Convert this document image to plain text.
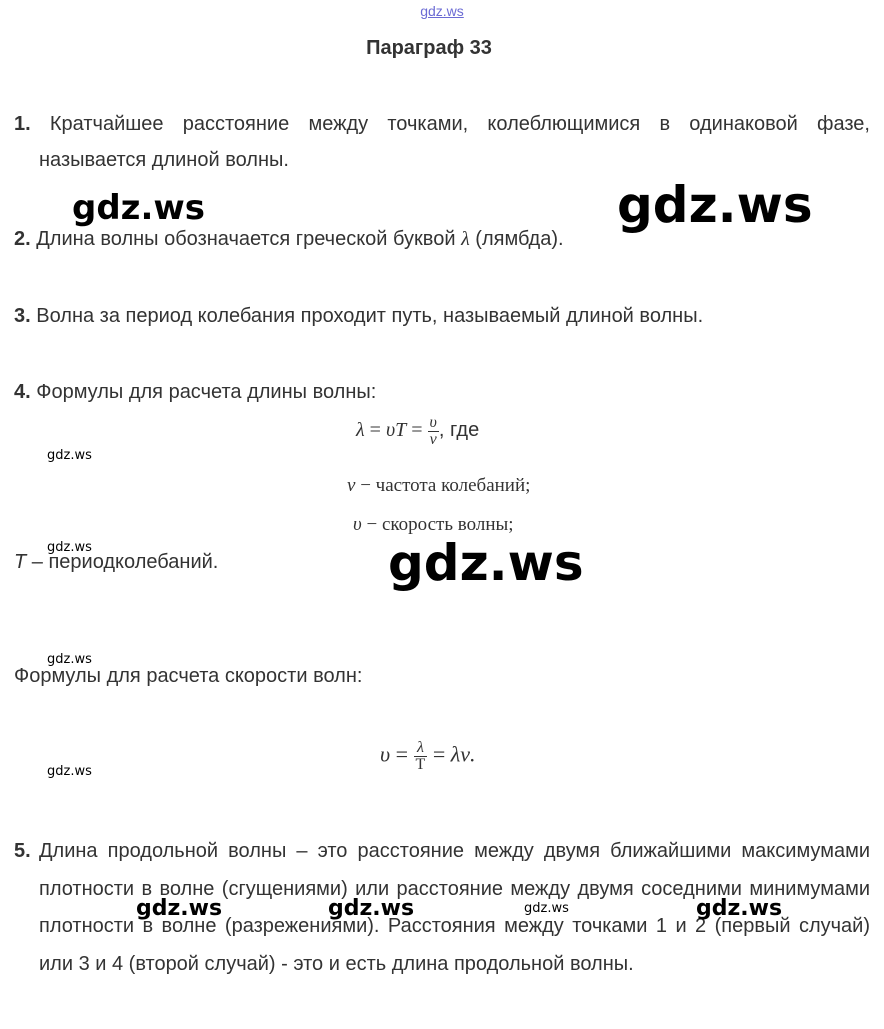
gdz.ws
Параграф 33
1. Кратчайшее расстояние между точками, колеблющимися в одинаковой фазе,
называется длиной волны.
2. Длина волны обозначается греческой буквой λ (лямбда).
3. Волна за период колебания проходит путь, называемый длиной волны.
4. Формулы для расчета длины волны:
$\lambda = \upsilon T = \frac{\upsilon}{\nu}$ , где
ν − частота колебаний;
υ − скорость волны;
T – периодколебаний.
Формулы для расчета скорости волн:
$\upsilon = \frac{\lambda}{T} = \lambda\nu$.
5. Длина продольной волны – это расстояние между двумя ближайшими максимумами плотности в волне (сгущениями) или расстояние между двумя соседними минимумами плотности в волне (разрежениями). Расстояния между точками 1 и 2 (первый случай) или 3 и 4 (второй случай) - это и есть длина продольной волны.
gdz.ws	gdz.ws
gdz.ws
gdz.ws	gdz.ws
gdz.ws
gdz.ws
gdz.ws	gdz.ws	gdz.ws	gdz.ws
